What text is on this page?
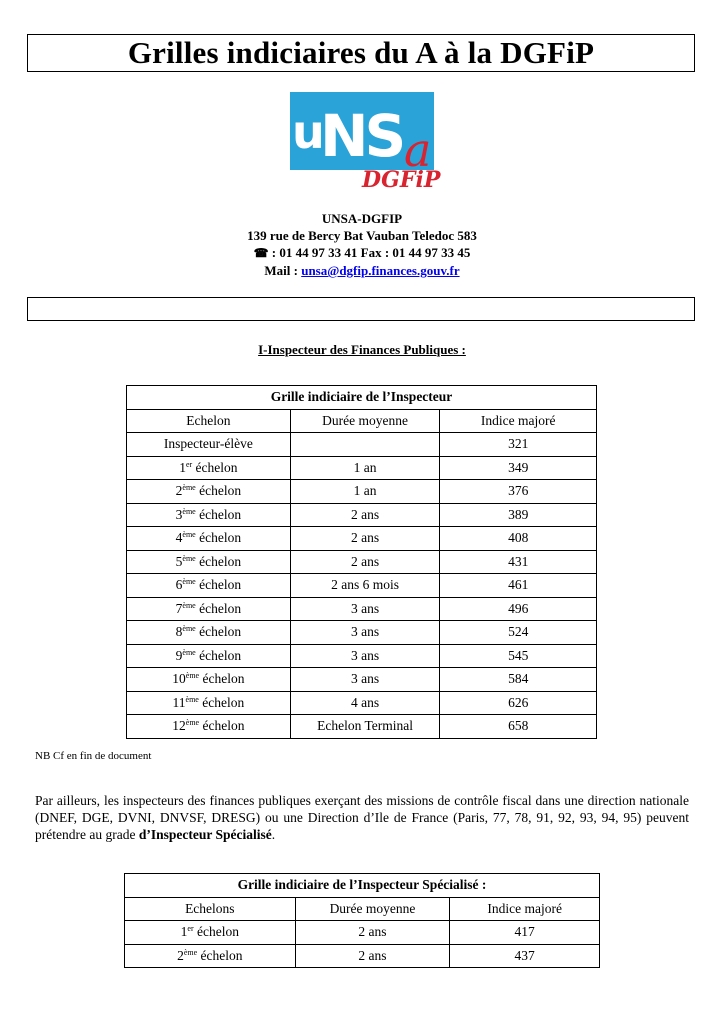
Grilles indiciaires du A à la DGFiP
u
NS a
DGFiP
UNSA-DGFIP
139 rue de Bercy Bat Vauban Teledoc 583
☎ : 01 44 97 33 41 Fax : 01 44 97 33 45
Mail : unsa@dgfip.finances.gouv.fr
I-Inspecteur des Finances Publiques :
Grille indiciaire de l’Inspecteur		
Echelon	Durée moyenne	Indice majoré
Inspecteur-élève		321
1er échelon	1 an	349
2ème échelon	1 an	376
3ème échelon	2 ans	389
4ème échelon	2 ans	408
5ème échelon	2 ans	431
6ème échelon	2 ans 6 mois	461
7ème échelon	3 ans	496
8ème échelon	3 ans	524
9ème échelon	3 ans	545
10ème échelon	3 ans	584
11ème échelon	4 ans	626
12ème échelon	Echelon Terminal	658
NB Cf en fin de document
Par ailleurs, les inspecteurs des finances publiques exerçant des missions de contrôle fiscal dans une direction nationale (DNEF, DGE, DVNI, DNVSF, DRESG) ou une Direction d’Ile de France (Paris, 77, 78, 91, 92, 93, 94, 95) peuvent prétendre au grade d’Inspecteur Spécialisé.
Grille indiciaire de l’Inspecteur Spécialisé :		
Echelons	Durée moyenne	Indice majoré
1er échelon	2 ans	417
2ème échelon	2 ans	437
